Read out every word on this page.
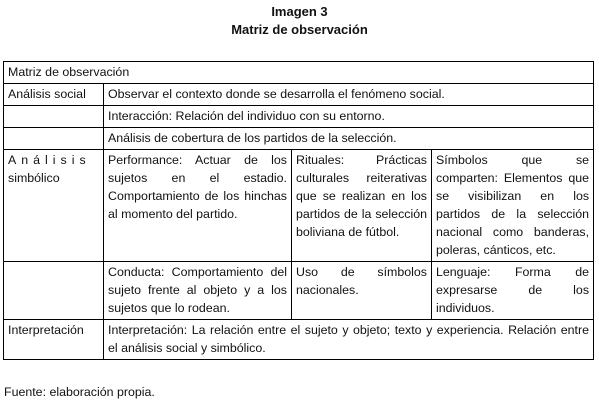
Imagen 3
Matriz de observación
Matriz de observación			
Análisis social	Observar el contexto donde se desarrolla el fenómeno social.		
	Interacción: Relación del individuo con su entorno.		
	Análisis de cobertura de los partidos de la selección.		
Análisis
simbólico	Performance: Actuar de los sujetos en el estadio. Comportamiento de los hinchas al momento del partido.	Rituales: Prácticas culturales reiterativas que se realizan en los partidos de la selección boliviana de fútbol.	Símbolos que se comparten: Elementos que se visibilizan en los partidos de la selección nacional como banderas, poleras, cánticos, etc.
	Conducta: Comportamiento del sujeto frente al objeto y a los sujetos que lo rodean.	Uso de símbolos nacionales.	Lenguaje: Forma de expresarse de los individuos.
Interpretación	Interpretación: La relación entre el sujeto y objeto; texto y experiencia. Relación entre el análisis social y simbólico.		
Fuente: elaboración propia.
